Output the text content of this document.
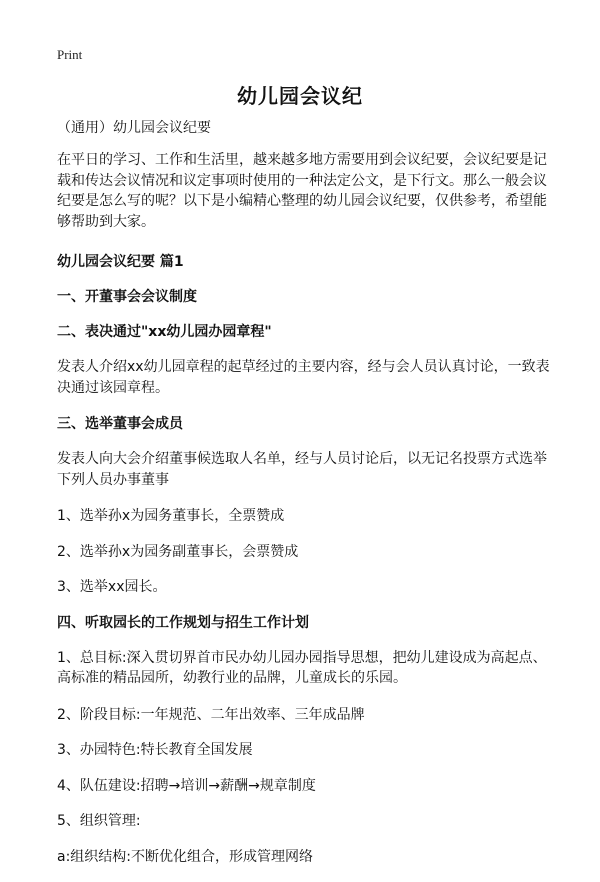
Print
幼儿园会议纪

（通用）幼儿园会议纪要

在平日的学习、工作和生活里，越来越多地方需要用到会议纪要，会议纪要是记载和传达会议情况和议定事项时使用的一种法定公文，是下行文。那么一般会议纪要是怎么写的呢？以下是小编精心整理的幼儿园会议纪要，仅供参考，希望能够帮助到大家。

幼儿园会议纪要 篇1

一、开董事会会议制度

二、表决通过"xx幼儿园办园章程"

发表人介绍xx幼儿园章程的起草经过的主要内容，经与会人员认真讨论，一致表决通过该园章程。

三、选举董事会成员

发表人向大会介绍董事候选取人名单，经与人员讨论后，以无记名投票方式选举下列人员办事董事

1、选举孙x为园务董事长，全票赞成

2、选举孙x为园务副董事长，会票赞成

3、选举xx园长。

四、听取园长的工作规划与招生工作计划

1、总目标:深入贯切界首市民办幼儿园办园指导思想，把幼儿建设成为高起点、高标准的精品园所，幼教行业的品牌，儿童成长的乐园。

2、阶段目标:一年规范、二年出效率、三年成品牌

3、办园特色:特长教育全国发展

4、队伍建设:招聘→培训→薪酬→规章制度

5、组织管理:

a:组织结构:不断优化组合，形成管理网络
